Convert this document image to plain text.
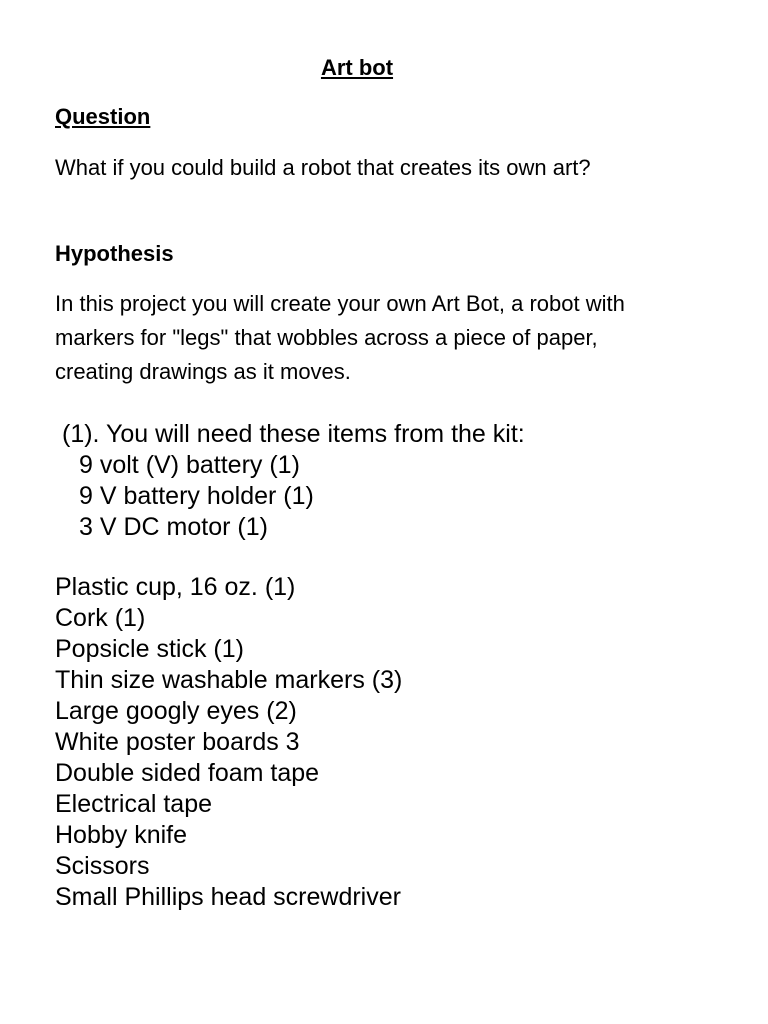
Art bot
Question
What if you could build a robot that creates its own art?
Hypothesis
In this project you will create your own Art Bot, a robot with markers for "legs" that wobbles across a piece of paper, creating drawings as it moves.
(1). You will need these items from the kit:
9 volt (V) battery (1)
9 V battery holder (1)
3 V DC motor (1)
Plastic cup, 16 oz. (1)
Cork (1)
Popsicle stick (1)
Thin size washable markers (3)
Large googly eyes (2)
White poster boards 3
Double sided foam tape
Electrical tape
Hobby knife
Scissors
Small Phillips head screwdriver
